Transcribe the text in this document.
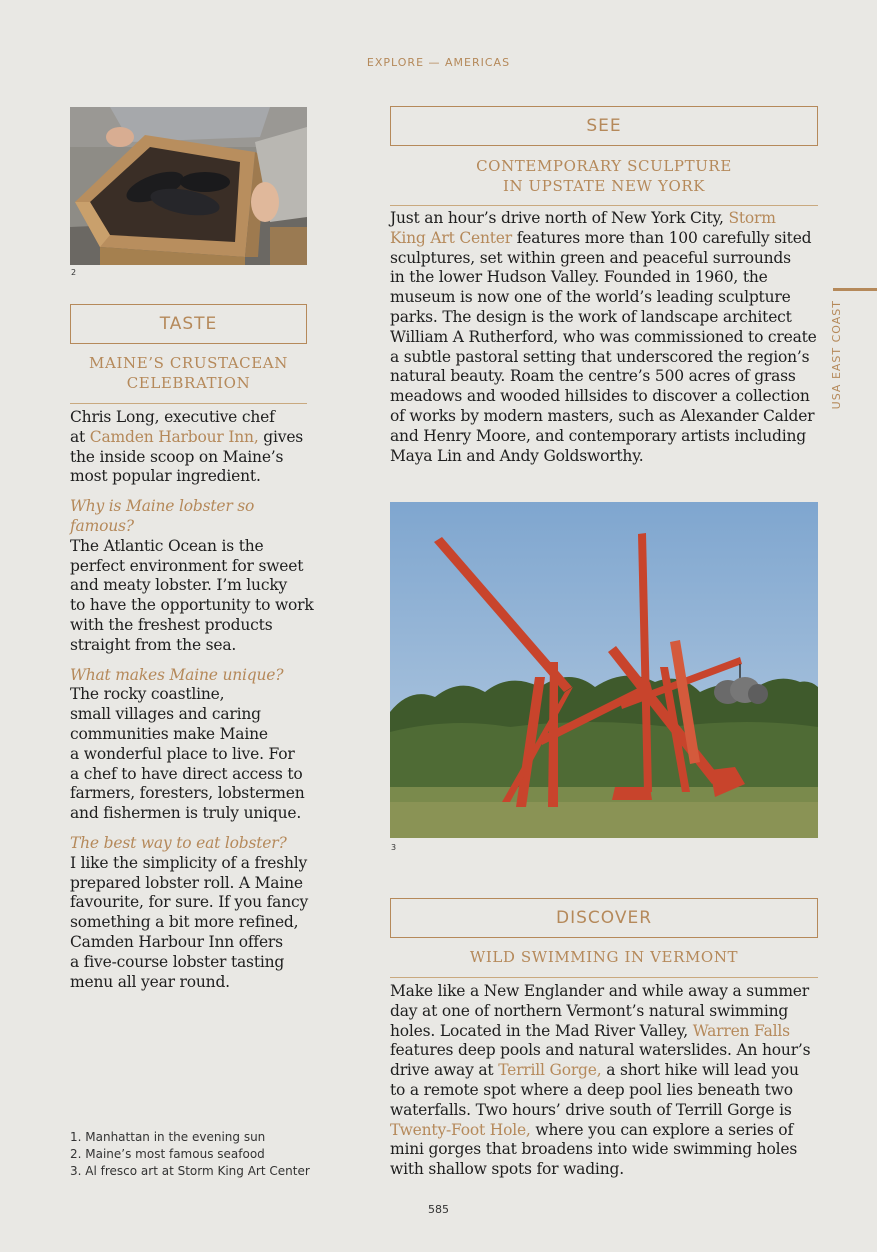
EXPLORE — AMERICAS
USA EAST COAST
2
TASTE
MAINE’S CRUSTACEAN
CELEBRATION

Chris Long, executive chef

at Camden Harbour Inn, gives

the inside scoop on Maine’s

most popular ingredient.

Why is Maine lobster so famous?

The Atlantic Ocean is the

perfect environment for sweet

and meaty lobster. I’m lucky

to have the opportunity to work

with the freshest products

straight from the sea.

What makes Maine unique?

The rocky coastline,

small villages and caring

communities make Maine

a wonderful place to live. For

a chef to have direct access to

farmers, foresters, lobstermen

and fishermen is truly unique.

The best way to eat lobster?

I like the simplicity of a freshly

prepared lobster roll. A Maine

favourite, for sure. If you fancy

something a bit more refined,

Camden Harbour Inn offers

a five-course lobster tasting

menu all year round.

SEE
CONTEMPORARY SCULPTURE
IN UPSTATE NEW YORK

Just an hour’s drive north of New York City, Storm

King Art Center features more than 100 carefully sited

sculptures, set within green and peaceful surrounds

in the lower Hudson Valley. Founded in 1960, the

museum is now one of the world’s leading sculpture

parks. The design is the work of landscape architect

William A Rutherford, who was commissioned to create

a subtle pastoral setting that underscored the region’s

natural beauty. Roam the centre’s 500 acres of grass

meadows and wooded hillsides to discover a collection

of works by modern masters, such as Alexander Calder

and Henry Moore, and contemporary artists including

Maya Lin and Andy Goldsworthy.

3
DISCOVER
WILD SWIMMING IN VERMONT

Make like a New Englander and while away a summer

day at one of northern Vermont’s natural swimming

holes. Located in the Mad River Valley, Warren Falls

features deep pools and natural waterslides. An hour’s

drive away at Terrill Gorge, a short hike will lead you

to a remote spot where a deep pool lies beneath two

waterfalls. Two hours’ drive south of Terrill Gorge is

Twenty-Foot Hole, where you can explore a series of

mini gorges that broadens into wide swimming holes

with shallow spots for wading.

1. Manhattan in the evening sun
2. Maine’s most famous seafood
3. Al fresco art at Storm King Art Center
585
